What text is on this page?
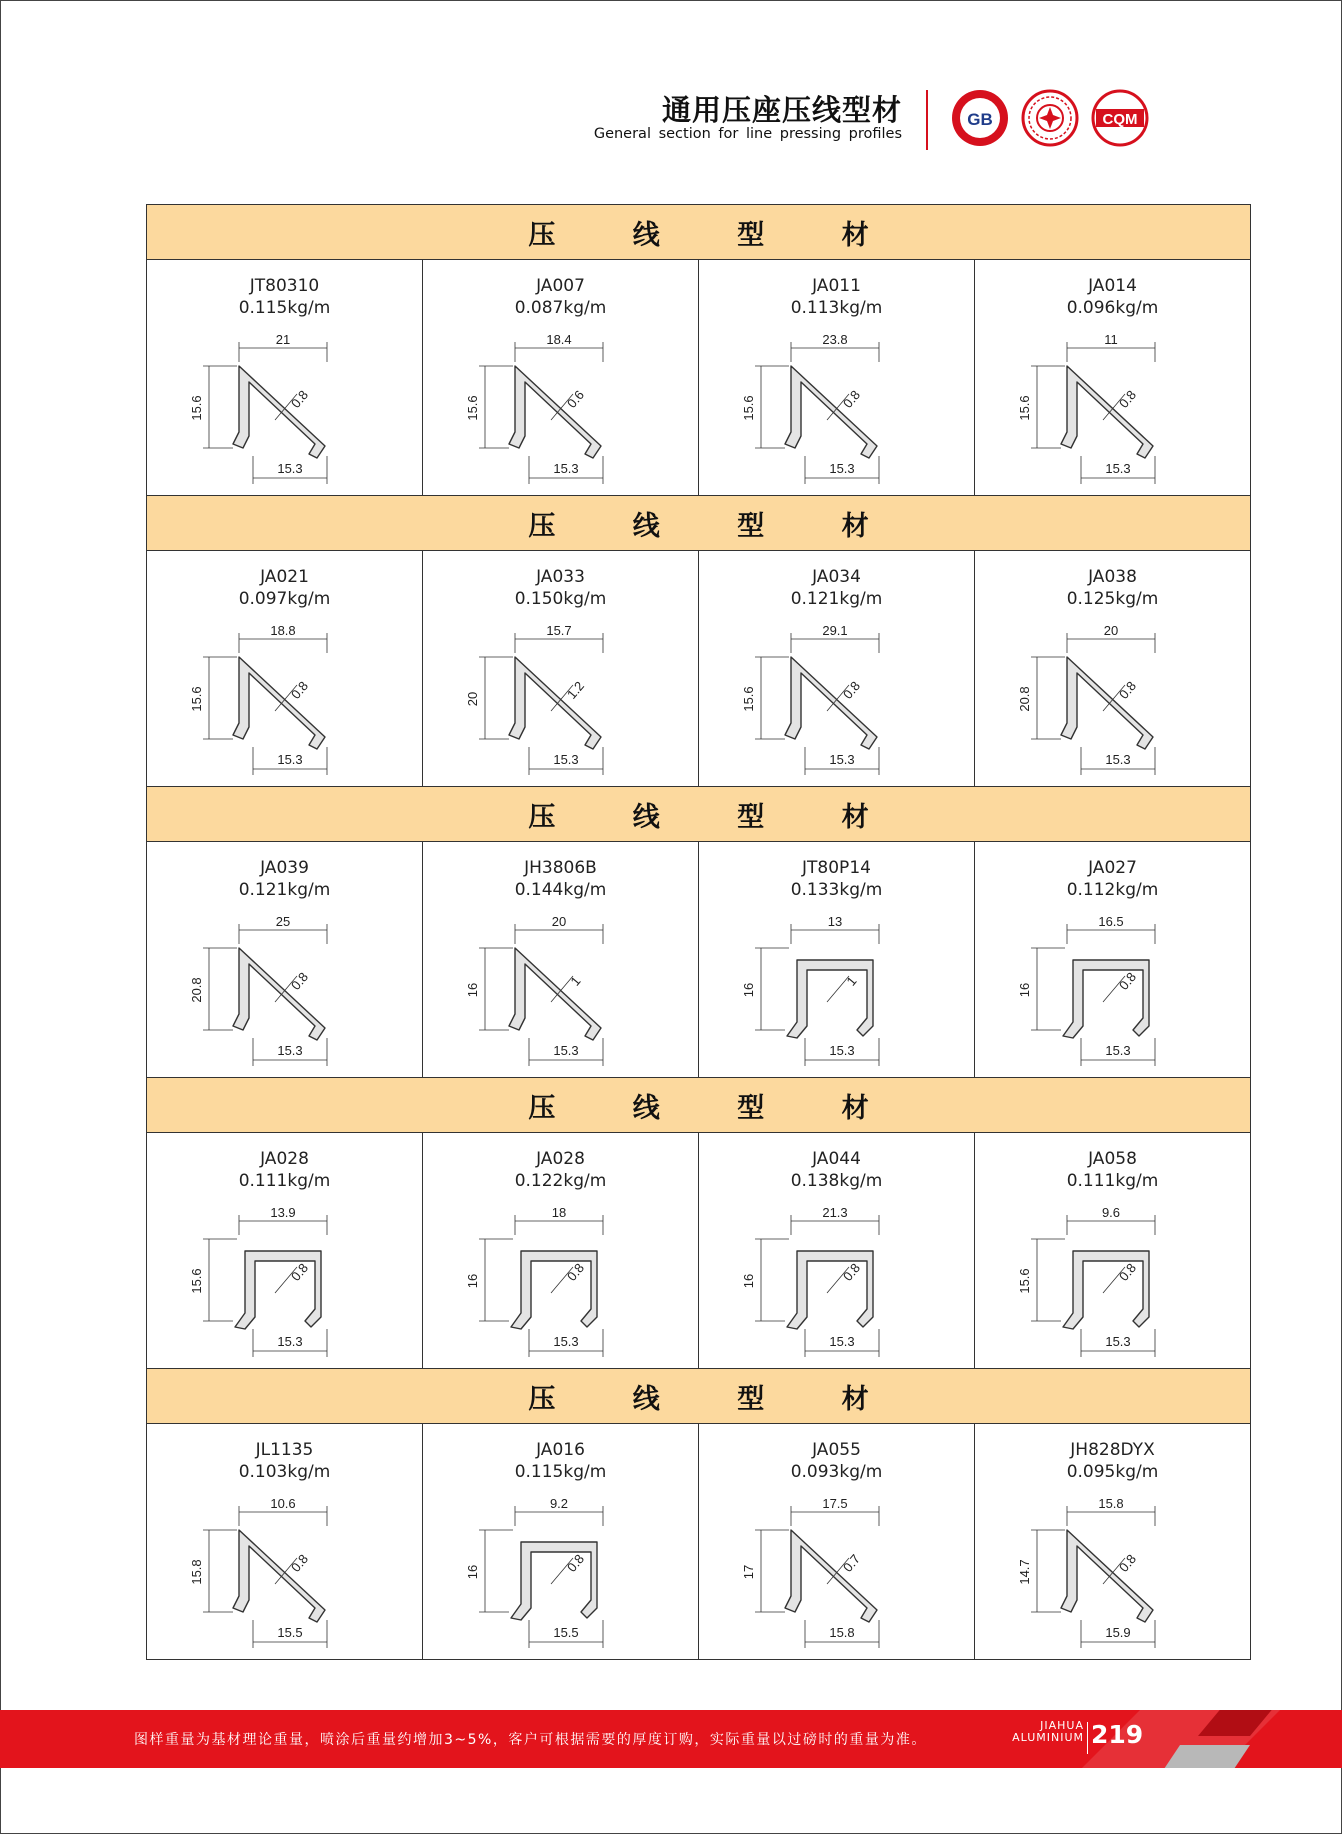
通用压座压线型材
General section for line pressing profiles
GB	CQM
压 线 型 材
JT80310
0.115kg/m
21
15.6
15.3
0.8
JA007
0.087kg/m
18.4
15.6
15.3
0.6
JA011
0.113kg/m
23.8
15.6
15.3
0.8
JA014
0.096kg/m
11
15.6
15.3
0.8
压 线 型 材
JA021
0.097kg/m
18.8
15.6
15.3
0.8
JA033
0.150kg/m
15.7
20
15.3
1.2
JA034
0.121kg/m
29.1
15.6
15.3
0.8
JA038
0.125kg/m
20
20.8
15.3
0.8
压 线 型 材
JA039
0.121kg/m
25
20.8
15.3
0.8
JH3806B
0.144kg/m
20
16
15.3
1
JT80P14
0.133kg/m
13
16
15.3
1
JA027
0.112kg/m
16.5
16
15.3
0.8
压 线 型 材
JA028
0.111kg/m
13.9
15.6
15.3
0.8
JA028
0.122kg/m
18
16
15.3
0.8
JA044
0.138kg/m
21.3
16
15.3
0.8
JA058
0.111kg/m
9.6
15.6
15.3
0.8
压 线 型 材
JL1135
0.103kg/m
10.6
15.8
15.5
0.8
JA016
0.115kg/m
9.2
16
15.5
0.8
JA055
0.093kg/m
17.5
17
15.8
0.7
JH828DYX
0.095kg/m
15.8
14.7
15.9
0.8
图样重量为基材理论重量，喷涂后重量约增加3~5%，客户可根据需要的厚度订购，实际重量以过磅时的重量为准。
JIAHUA
ALUMINIUM 219
